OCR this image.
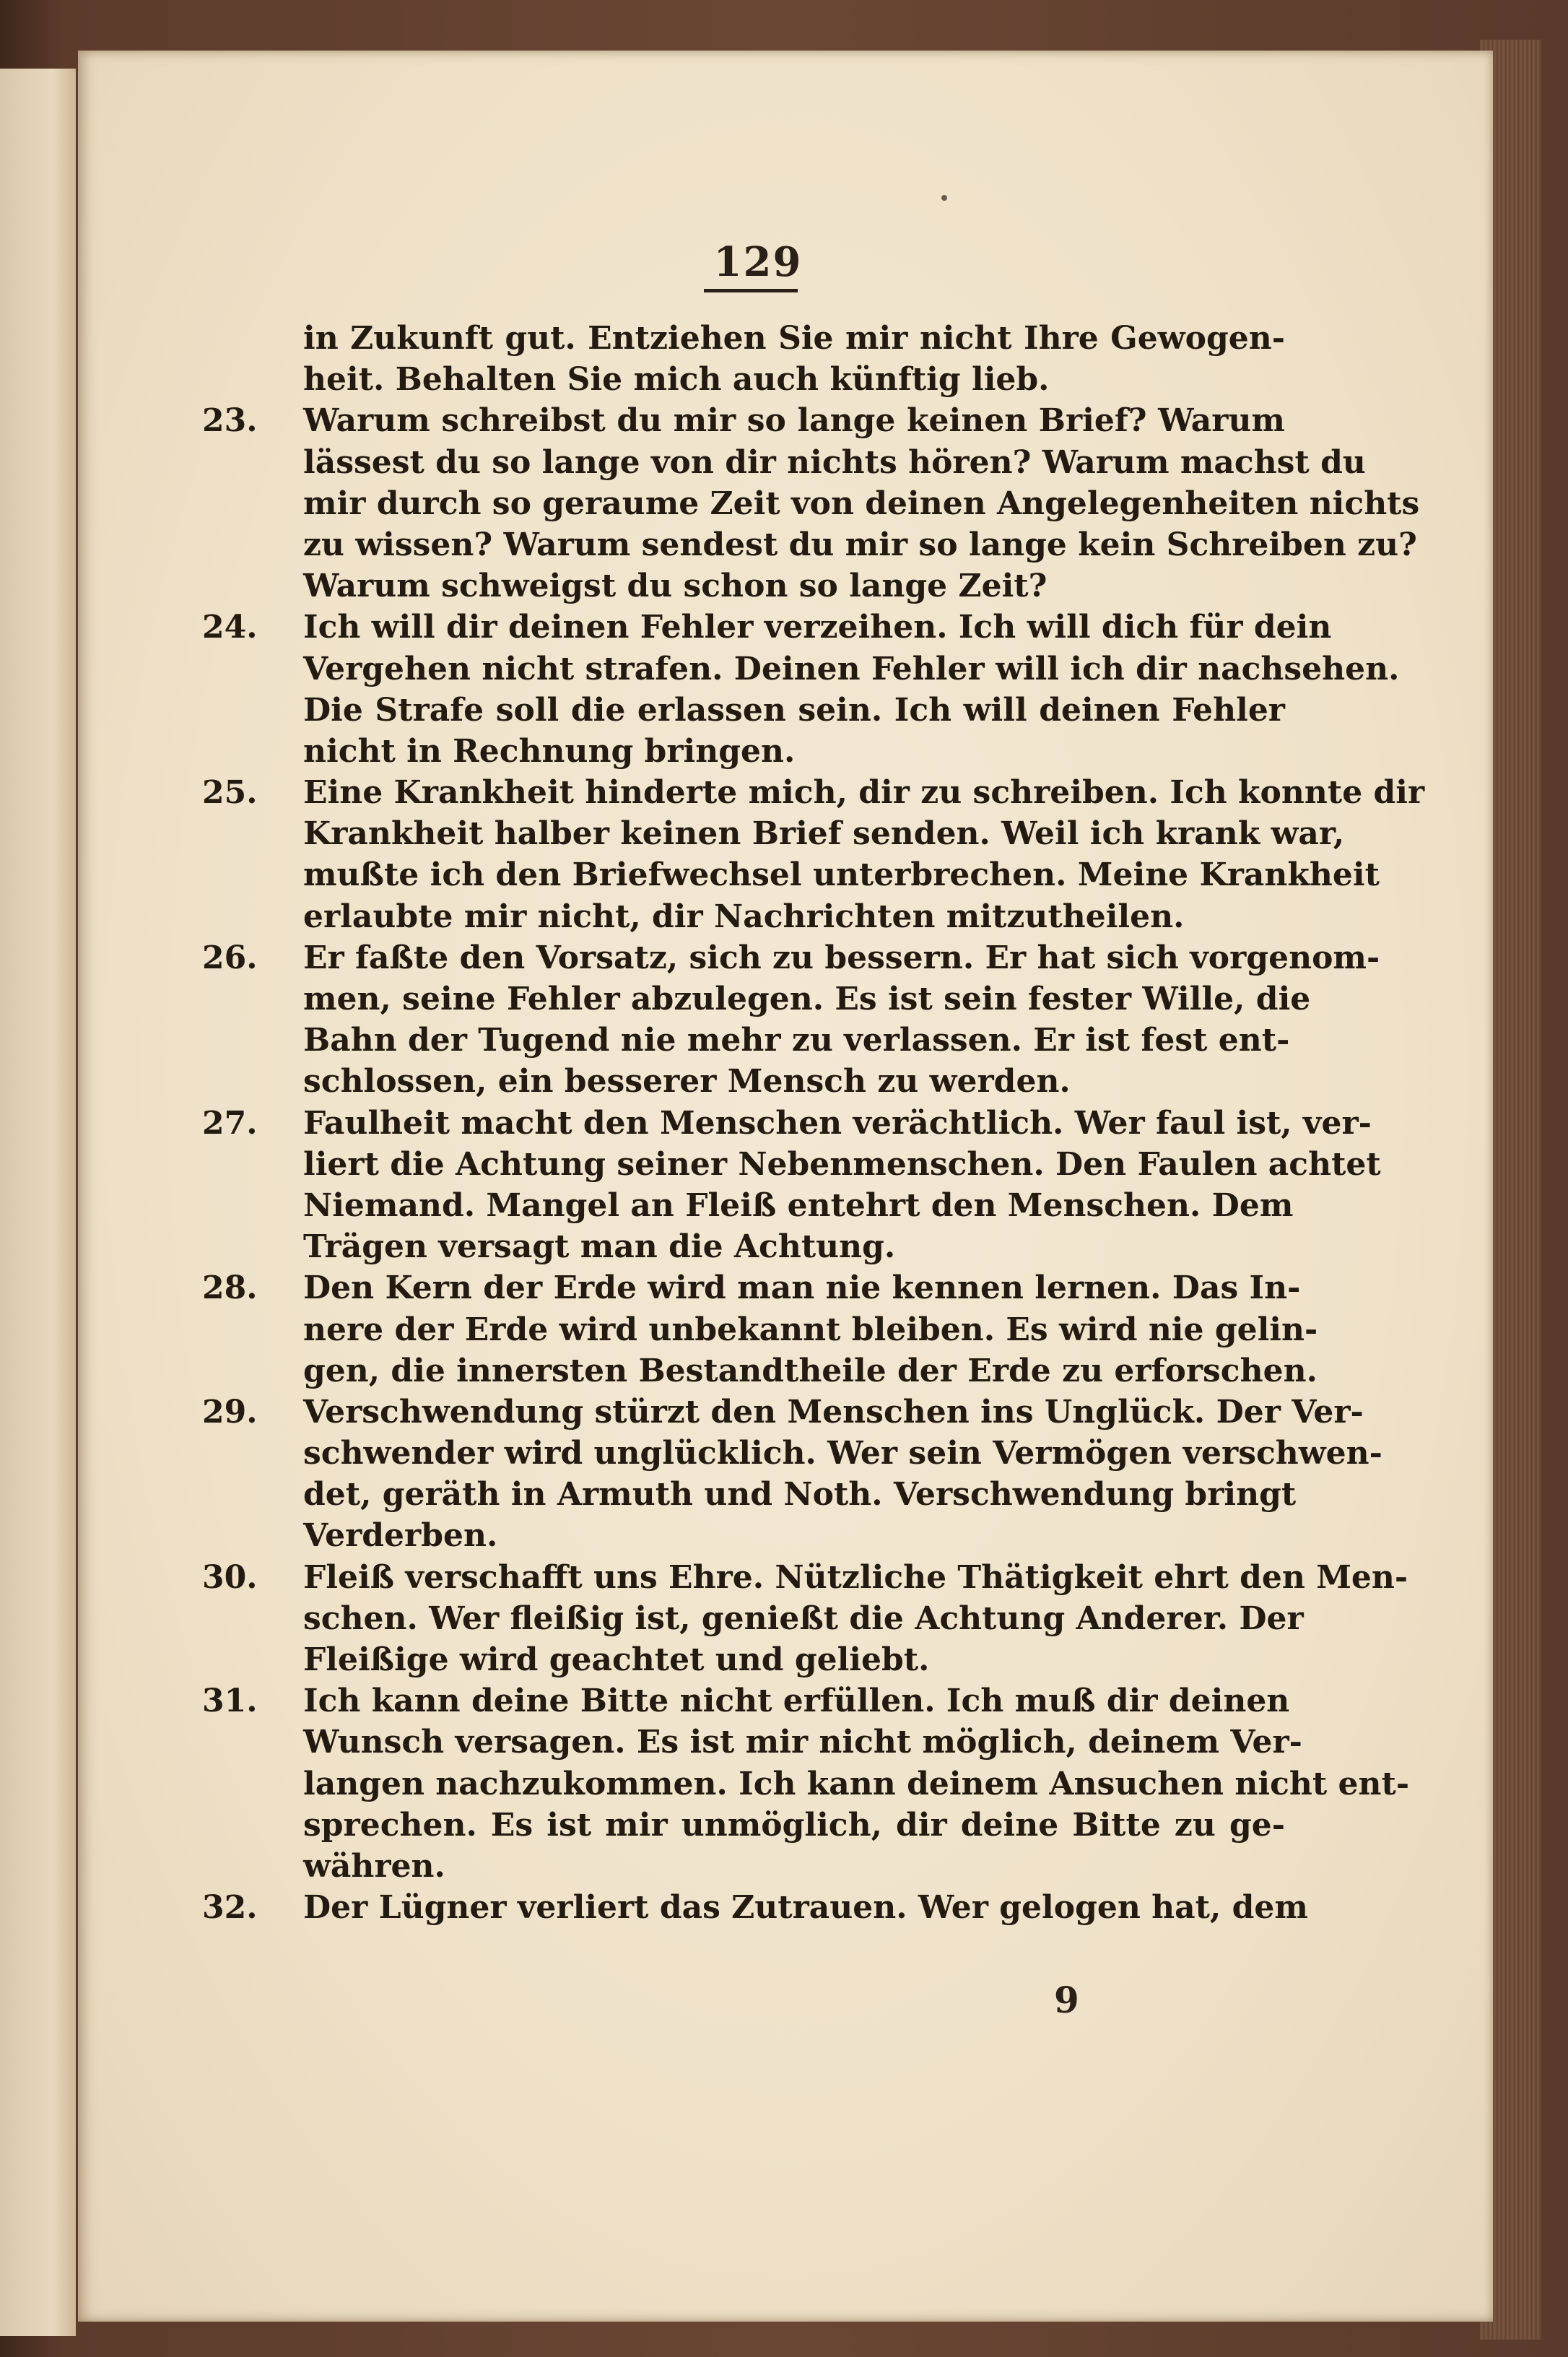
129
in Zukunft gut. Entziehen Sie mir nicht Ihre Gewogen-
heit. Behalten Sie mich auch künftig lieb.
23. Warum schreibst du mir so lange keinen Brief? Warum
lässest du so lange von dir nichts hören? Warum machst du
mir durch so geraume Zeit von deinen Angelegenheiten nichts
zu wissen? Warum sendest du mir so lange kein Schreiben zu?
Warum schweigst du schon so lange Zeit?
24. Ich will dir deinen Fehler verzeihen. Ich will dich für dein
Vergehen nicht strafen. Deinen Fehler will ich dir nachsehen.
Die Strafe soll die erlassen sein. Ich will deinen Fehler
nicht in Rechnung bringen.
25. Eine Krankheit hinderte mich, dir zu schreiben. Ich konnte dir
Krankheit halber keinen Brief senden. Weil ich krank war,
mußte ich den Briefwechsel unterbrechen. Meine Krankheit
erlaubte mir nicht, dir Nachrichten mitzutheilen.
26. Er faßte den Vorsatz, sich zu bessern. Er hat sich vorgenom-
men, seine Fehler abzulegen. Es ist sein fester Wille, die
Bahn der Tugend nie mehr zu verlassen. Er ist fest ent-
schlossen, ein besserer Mensch zu werden.
27. Faulheit macht den Menschen verächtlich. Wer faul ist, ver-
liert die Achtung seiner Nebenmenschen. Den Faulen achtet
Niemand. Mangel an Fleiß entehrt den Menschen. Dem
Trägen versagt man die Achtung.
28. Den Kern der Erde wird man nie kennen lernen. Das In-
nere der Erde wird unbekannt bleiben. Es wird nie gelin-
gen, die innersten Bestandtheile der Erde zu erforschen.
29. Verschwendung stürzt den Menschen ins Unglück. Der Ver-
schwender wird unglücklich. Wer sein Vermögen verschwen-
det, geräth in Armuth und Noth. Verschwendung bringt
Verderben.
30. Fleiß verschafft uns Ehre. Nützliche Thätigkeit ehrt den Men-
schen. Wer fleißig ist, genießt die Achtung Anderer. Der
Fleißige wird geachtet und geliebt.
31. Ich kann deine Bitte nicht erfüllen. Ich muß dir deinen
Wunsch versagen. Es ist mir nicht möglich, deinem Ver-
langen nachzukommen. Ich kann deinem Ansuchen nicht ent-
sprechen. Es ist mir unmöglich, dir deine Bitte zu ge-
währen.
32. Der Lügner verliert das Zutrauen. Wer gelogen hat, dem
9
